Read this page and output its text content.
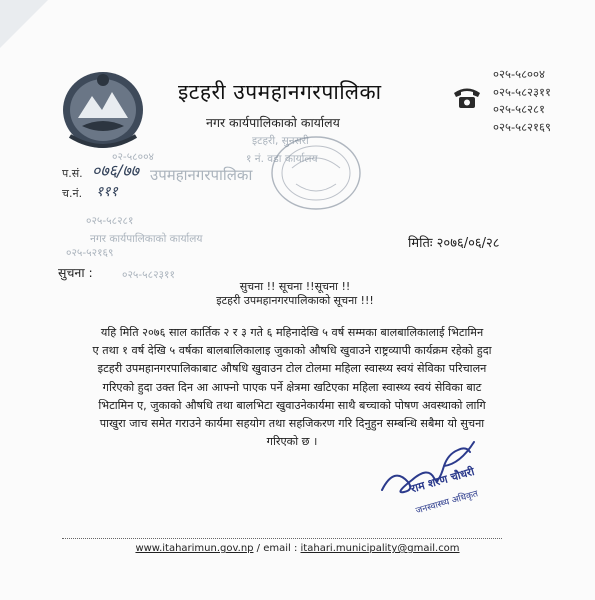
इटहरी उपमहानगरपालिका
नगर कार्यपालिकाको कार्यालय
इटहरी, सुनसरी
०२५-५८००४
०२५-५८२३११
०२५-५८२८१
०२५-५८२१६९
०२-५८००४	१ नं. वडा कार्यालय
उपमहानगरपालिका
०२५-५८२८१
नगर कार्यपालिकाको कार्यालय
०२५-५८२३११
०२५-५२१६९
प.सं. ०७६/७७
च.नं. १११
मितिः २०७६/०६/२८
सुचना :
सुचना !! सूचना !!सूचना !!
इटहरी उपमहानगरपालिकाको सूचना !!!
यहि मिति २०७६ साल कार्तिक २ र ३ गते ६ महिनादेखि ५ वर्ष सम्मका बालबालिकालाई भिटामिन
ए तथा १ वर्ष देखि ५ वर्षका बालबालिकालाइ जुकाको औषधि खुवाउने राष्ट्रव्यापी कार्यक्रम रहेको हुदा
इटहरी उपमहानगरपालिकाबाट औषधि खुवाउन टोल टोलमा महिला स्वास्थ्य स्वयं सेविका परिचालन
गरिएको हुदा उक्त दिन आ आफ्नो पाएक पर्ने क्षेत्रमा खटिएका महिला स्वास्थ्य स्वयं सेविका बाट
भिटामिन ए, जुकाको औषधि तथा बालभिटा खुवाउनेकार्यमा साथै बच्चाको पोषण अवस्थाको लागि
पाखुरा जाच समेत गराउने कार्यमा सहयोग तथा सहजिकरण गरि दिनुहुन सम्बन्धि सबैमा यो सुचना
गरिएको छ ।
राम शरण चौधरी
जनस्वास्थ्य अधिकृत
www.itaharimun.gov.np / email : itahari.municipality@gmail.com
